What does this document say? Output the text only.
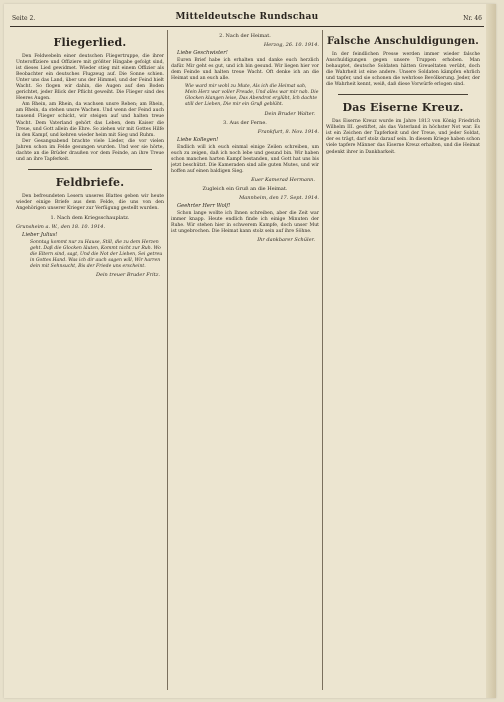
Seite 2.	Mitteldeutsche Rundschau	Nr. 46
Fliegerlied.

Den Feldwebeln einer deutschen Fliegertruppe, die ihrer Unteroffiziere und Offiziere mit größter Hingabe gefolgt sind, ist dieses Lied gewidmet. Wieder stieg mit einem Offizier als Beobachter ein deutsches Flugzeug auf. Die Sonne schien. Unter uns das Land, über uns der Himmel, und der Feind hielt Wacht. So flogen wir dahin, die Augen auf den Boden gerichtet, jeder Blick der Pflicht geweiht. Die Flieger sind des Heeres Augen.

Am Rhein, am Rhein, da wachsen unsre Reben; am Rhein, am Rhein, da stehen unsre Wachen. Und wenn der Feind auch tausend Flieger schickt, wir steigen auf und halten treue Wacht. Dem Vaterland gehört das Leben, dem Kaiser die Treue, und Gott allein die Ehre. So ziehen wir mit Gottes Hilfe in den Kampf, und kehren wieder heim mit Sieg und Ruhm.

Der Gesangsabend brachte viele Lieder, die vor vielen Jahren schon im Felde gesungen wurden. Und wer sie hörte, dachte an die Brüder draußen vor dem Feinde, an ihre Treue und an ihre Tapferkeit.

Feldbriefe.

Den befreundeten Lesern unseres Blattes geben wir heute wieder einige Briefe aus dem Felde, die uns von den Angehörigen unserer Krieger zur Verfügung gestellt wurden.

1. Nach dem Kriegsschauplatz.
Grunsheim a. W., den 18. 10. 1914.
Lieber Julius!
Sonntag kommt nur zu Hause, Still, die zu dem Herzen geht. Daß die Glocken läuten, Kommt nicht zur Ruh. Wo die Eltern sind, sagt, Und die Not der Lieben, Sei getreu in Gottes Hand. Was ich dir auch sagen will, Wir harren dein mit Sehnsucht, Bis der Friede uns erscheint.
Dein treuer Bruder Fritz.
2. Nach der Heimat.
Herzog, 26. 10. 1914.
Liebe Geschwister!

Euren Brief habe ich erhalten und danke euch herzlich dafür. Mir geht es gut, und ich bin gesund. Wir liegen hier vor dem Feinde und halten treue Wacht. Oft denke ich an die Heimat und an euch alle.

Wie ward mir wohl zu Mute, Als ich die Heimat sah, Mein Herz war voller Freude, Und alles war mir nah. Die Glocken klangen leise, Das Abendrot erglüht, Ich dachte still der Lieben, Die mir ein Gruß geblüht.
Dein Bruder Walter.
3. Aus der Ferne.
Frankfurt, 8. Nov. 1914.
Liebe Kollegen!

Endlich will ich euch einmal einige Zeilen schreiben, um euch zu zeigen, daß ich noch lebe und gesund bin. Wir haben schon manchen harten Kampf bestanden, und Gott hat uns bis jetzt beschützt. Die Kameraden sind alle guten Mutes, und wir hoffen auf einen baldigen Sieg.

Euer Kamerad Hermann.
Zugleich ein Gruß an die Heimat.
Mannheim, den 17. Sept. 1914.
Geehrter Herr Wolf!

Schon lange wollte ich Ihnen schreiben, aber die Zeit war immer knapp. Heute endlich finde ich einige Minuten der Ruhe. Wir stehen hier in schwerem Kampfe, doch unser Mut ist ungebrochen. Die Heimat kann stolz sein auf ihre Söhne.

Ihr dankbarer Schüler.
Falsche Anschuldigungen.

In der feindlichen Presse werden immer wieder falsche Anschuldigungen gegen unsere Truppen erhoben. Man behauptet, deutsche Soldaten hätten Greueltaten verübt, doch die Wahrheit ist eine andere. Unsere Soldaten kämpfen ehrlich und tapfer, und sie schonen die wehrlose Bevölkerung. Jeder, der die Wahrheit kennt, weiß, daß diese Vorwürfe erlogen sind.

Das Eiserne Kreuz.

Das Eiserne Kreuz wurde im Jahre 1813 von König Friedrich Wilhelm III. gestiftet, als das Vaterland in höchster Not war. Es ist ein Zeichen der Tapferkeit und der Treue, und jeder Soldat, der es trägt, darf stolz darauf sein. In diesem Kriege haben schon viele tapfere Männer das Eiserne Kreuz erhalten, und die Heimat gedenkt ihrer in Dankbarkeit.
